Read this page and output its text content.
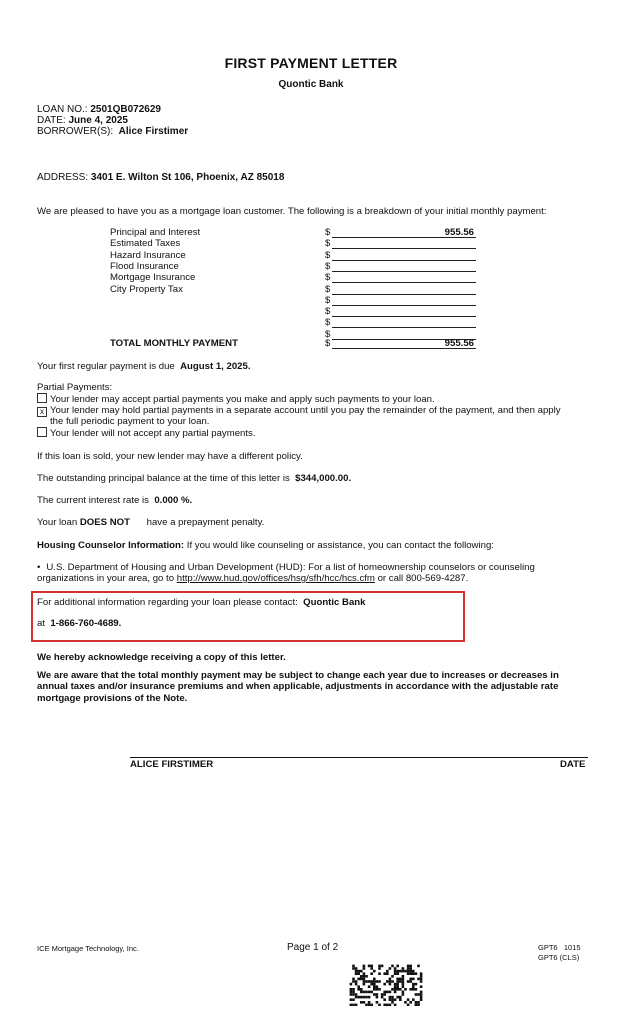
FIRST PAYMENT LETTER
Quontic Bank
LOAN NO.: 2501QB072629
DATE: June 4, 2025
BORROWER(S): Alice Firstimer
ADDRESS: 3401 E. Wilton St 106, Phoenix, AZ 85018
We are pleased to have you as a mortgage loan customer. The following is a breakdown of your initial monthly payment:
Principal and Interest	$	955.56
Estimated Taxes	$
Hazard Insurance	$
Flood Insurance	$
Mortgage Insurance	$
City Property Tax	$
$
$
$
$
TOTAL MONTHLY PAYMENT	$	955.56
Your first regular payment is due August 1, 2025.
Partial Payments:
Your lender may accept partial payments you make and apply such payments to your loan.
x Your lender may hold partial payments in a separate account until you pay the remainder of the payment, and then apply
the full periodic payment to your loan.
Your lender will not accept any partial payments.
If this loan is sold, your new lender may have a different policy.
The outstanding principal balance at the time of this letter is $344,000.00.
The current interest rate is 0.000 %.
Your loan DOES NOT have a prepayment penalty.
Housing Counselor Information: If you would like counseling or assistance, you can contact the following:
• U.S. Department of Housing and Urban Development (HUD): For a list of homeownership counselors or counseling
organizations in your area, go to http://www.hud.gov/offices/hsg/sfh/hcc/hcs.cfm or call 800-569-4287.
For additional information regarding your loan please contact: Quontic Bank
at 1-866-760-4689.
We hereby acknowledge receiving a copy of this letter.
We are aware that the total monthly payment may be subject to change each year due to increases or decreases in annual taxes and/or insurance premiums and when applicable, adjustments in accordance with the adjustable rate mortgage provisions of the Note.
ALICE FIRSTIMER	DATE
ICE Mortgage Technology, Inc.	Page 1 of 2	GPT6   1015
GPT6 (CLS)
